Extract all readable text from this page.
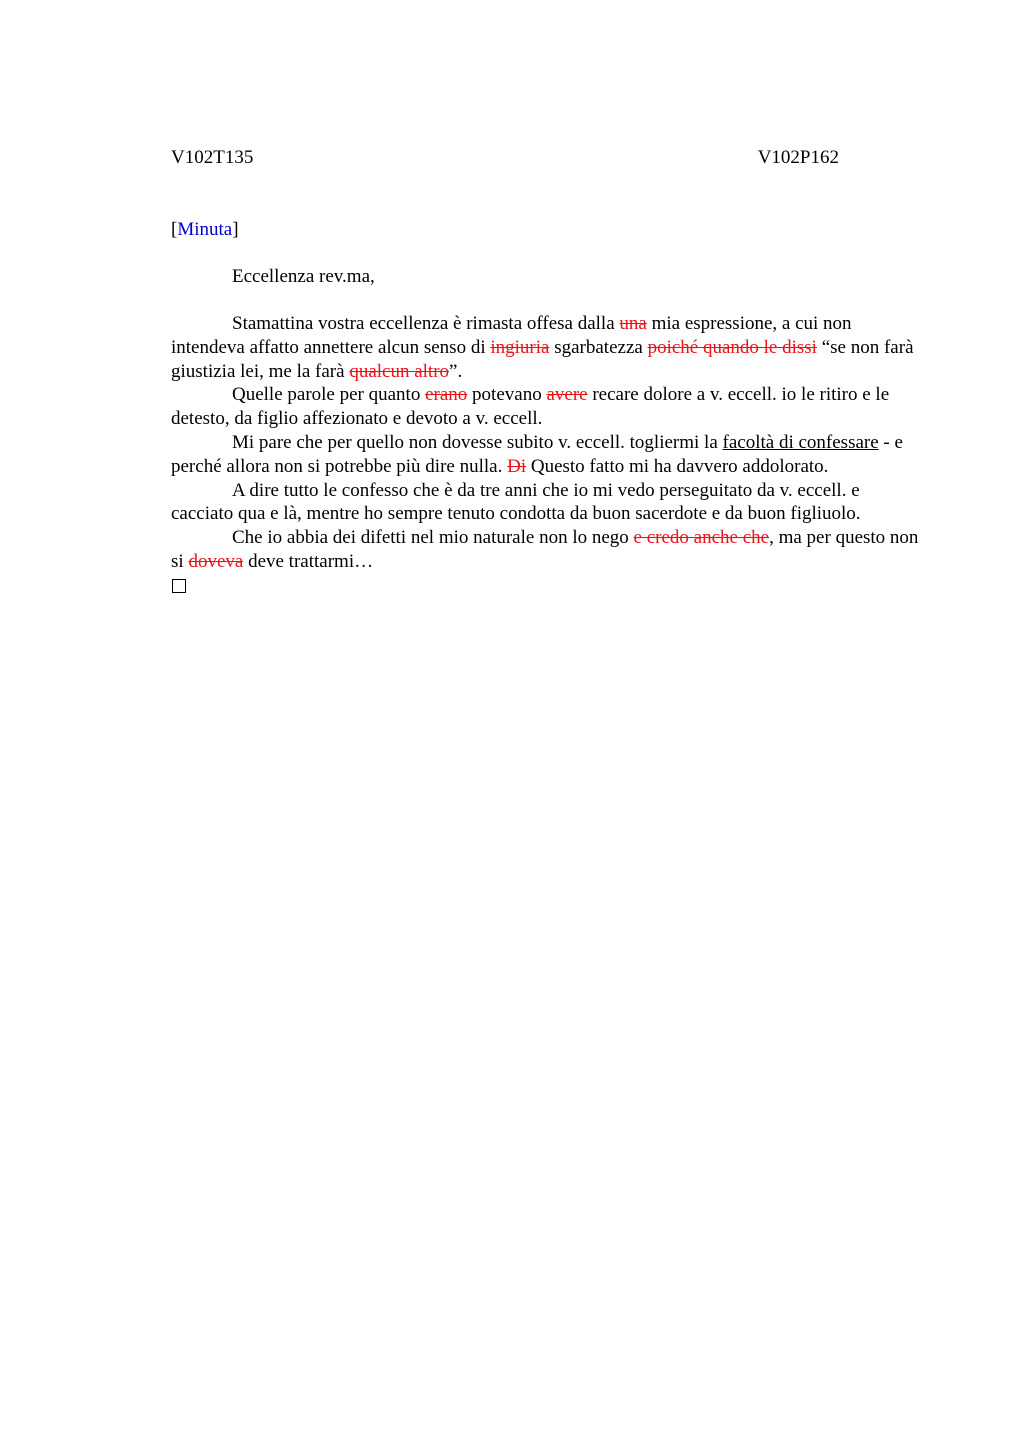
V102T135	V102P162
[Minuta]
Eccellenza rev.ma,

Stamattina vostra eccellenza è rimasta offesa dalla una mia espressione, a cui non intendeva affatto annettere alcun senso di ingiuria sgarbatezza poiché quando le dissi “se non farà giustizia lei, me la farà qualcun altro”.

Quelle parole per quanto erano potevano avere recare dolore a v. eccell. io le ritiro e le detesto, da figlio affezionato e devoto a v. eccell.

Mi pare che per quello non dovesse subito v. eccell. togliermi la facoltà di confessare - e perché allora non si potrebbe più dire nulla. Di Questo fatto mi ha davvero addolorato.

A dire tutto le confesso che è da tre anni che io mi vedo perseguitato da v. eccell. e cacciato qua e là, mentre ho sempre tenuto condotta da buon sacerdote e da buon figliuolo.

Che io abbia dei difetti nel mio naturale non lo nego e credo anche che, ma per questo non si doveva deve trattarmi…
